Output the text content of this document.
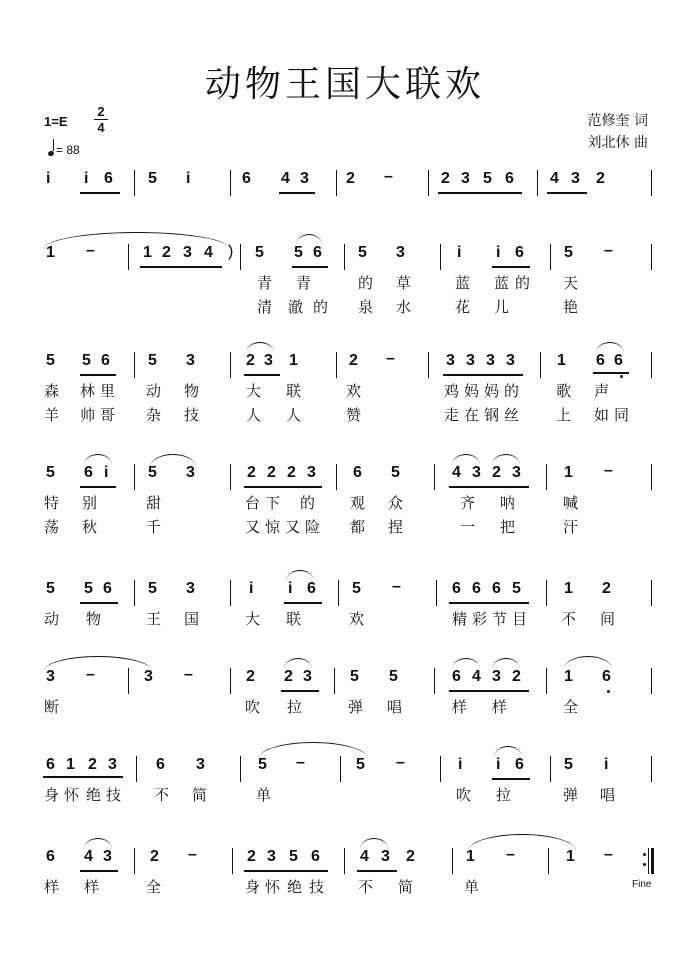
动物王国大联欢
1=E
2
4
= 88
范修奎 词
刘北休 曲
i i 6 5 i	6 4 3 2 –	2 3 5 6 4 3 2
1 –	1 2 3 4 ) 5 5 6 5 3	i i 6	5 –
青 青	的 草	蓝 蓝 的 天
清 澈 的 泉 水	花 儿	艳
5 5 6 5 3	2 3 1	2 –	3 3 3 3	1 6 6
森 林 里 动 物	大 联	欢	鸡 妈 妈 的 歌 声
羊 帅 哥 杂 技	人 人	赞	走 在 钢 丝 上 如 同
5 6 i 5 3	2 2 2 3 6 5	4 3 2 3	1 –
特 别	甜	台 下 的 观 众	齐 呐	喊
荡 秋	千	又 惊 又 险 都 捏	一 把	汗
5 5 6 5 3	i i 6 5 –	6 6 6 5	1 2
动 物	王 国	大 联	欢	精 彩 节 目 不 间
3 –	3 –	2 2 3 5 5	6 4 3 2	1 6
断	吹 拉	弹 唱	样 样	全
6 1 2 3 6 3	5 –	5 –	i i 6	5 i
身 怀 绝 技 不 简	单	吹 拉	弹 唱
6 4 3 2 –	2 3 5 6	4 3 2	1 –	1 –
Fine
样 样	全	身 怀 绝 技 不 简	单
